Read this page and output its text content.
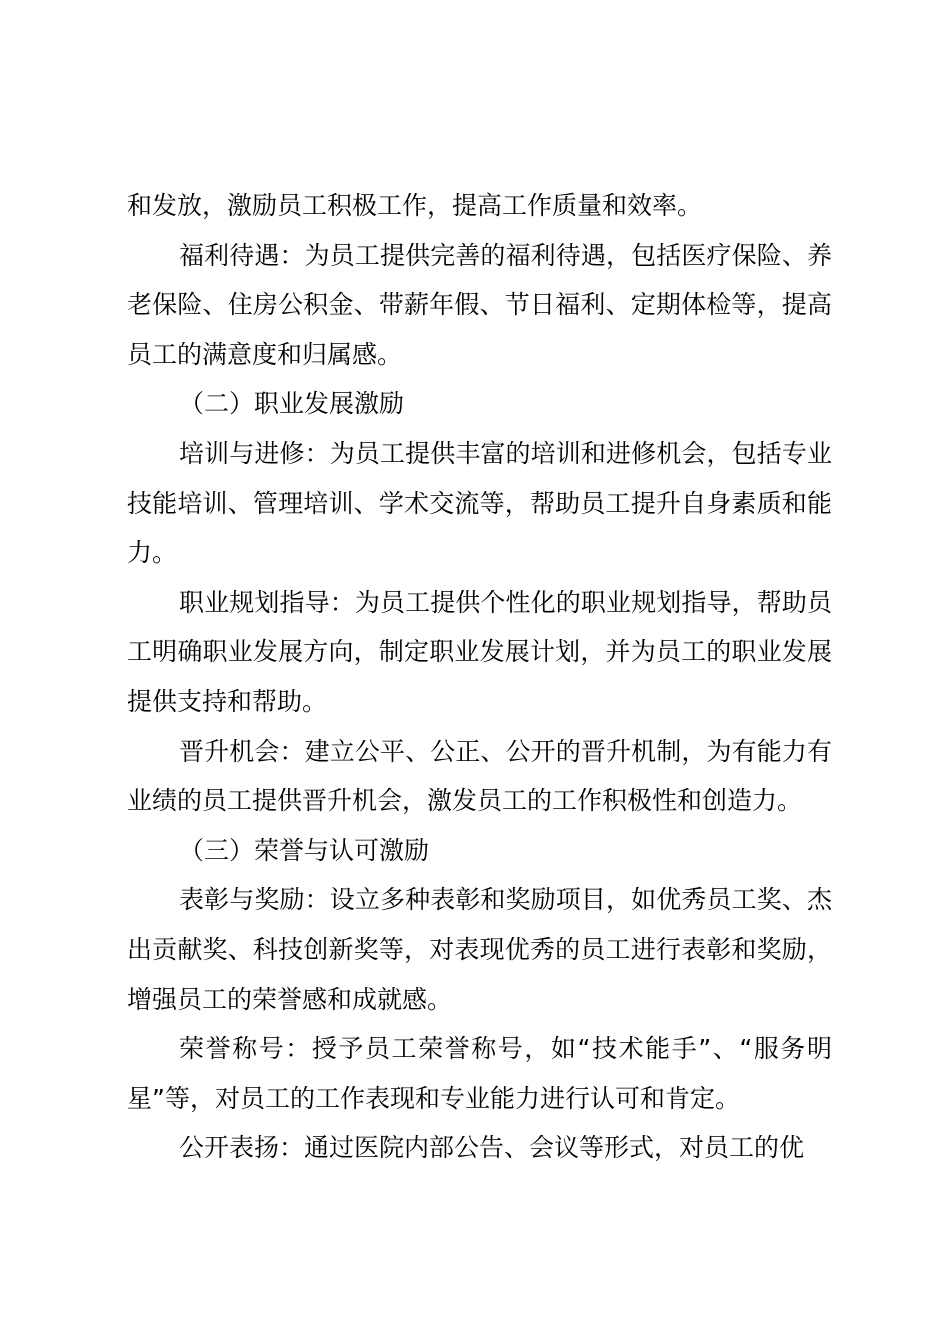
和发放，激励员工积极工作，提高工作质量和效率。

福利待遇：为员工提供完善的福利待遇，包括医疗保险、养老保险、住房公积金、带薪年假、节日福利、定期体检等，提高员工的满意度和归属感。

（二）职业发展激励

培训与进修：为员工提供丰富的培训和进修机会，包括专业技能培训、管理培训、学术交流等，帮助员工提升自身素质和能力。

职业规划指导：为员工提供个性化的职业规划指导，帮助员工明确职业发展方向，制定职业发展计划，并为员工的职业发展提供支持和帮助。

晋升机会：建立公平、公正、公开的晋升机制，为有能力有业绩的员工提供晋升机会，激发员工的工作积极性和创造力。

（三）荣誉与认可激励

表彰与奖励：设立多种表彰和奖励项目，如优秀员工奖、杰出贡献奖、科技创新奖等，对表现优秀的员工进行表彰和奖励，增强员工的荣誉感和成就感。

荣誉称号：授予员工荣誉称号，如“技术能手”、“服务明星”等，对员工的工作表现和专业能力进行认可和肯定。

公开表扬：通过医院内部公告、会议等形式，对员工的优
